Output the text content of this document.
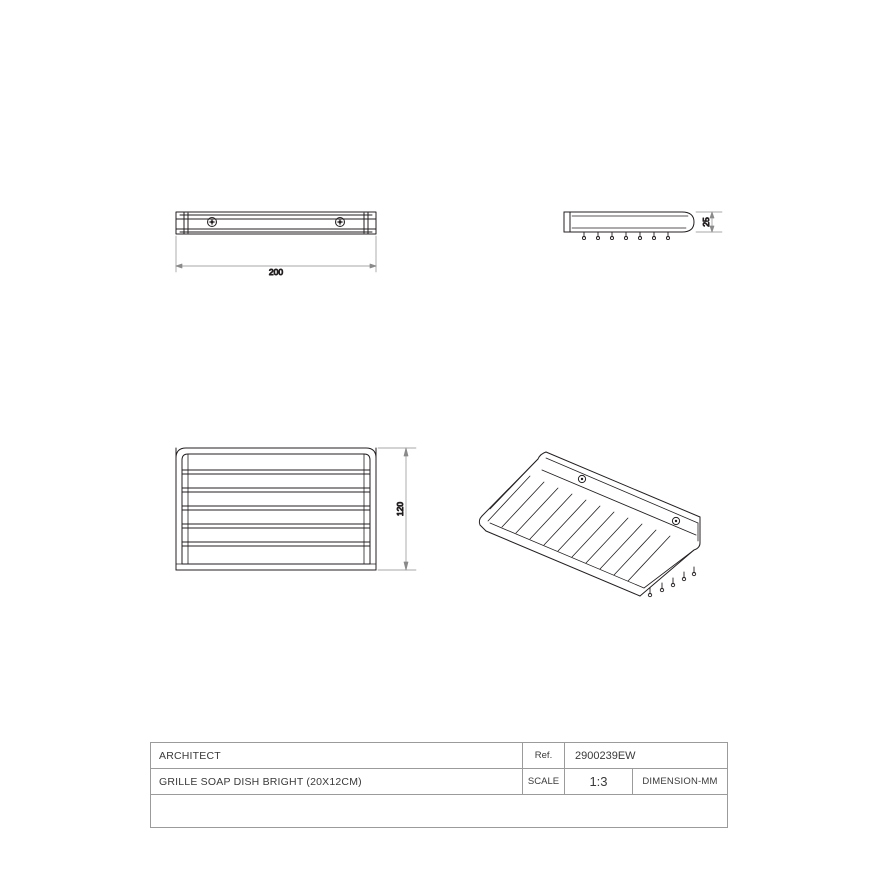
200
25
120
ARCHITECT	Ref.	2900239EW
GRILLE SOAP DISH BRIGHT (20X12CM)	SCALE	1:3	DIMENSION-MM
